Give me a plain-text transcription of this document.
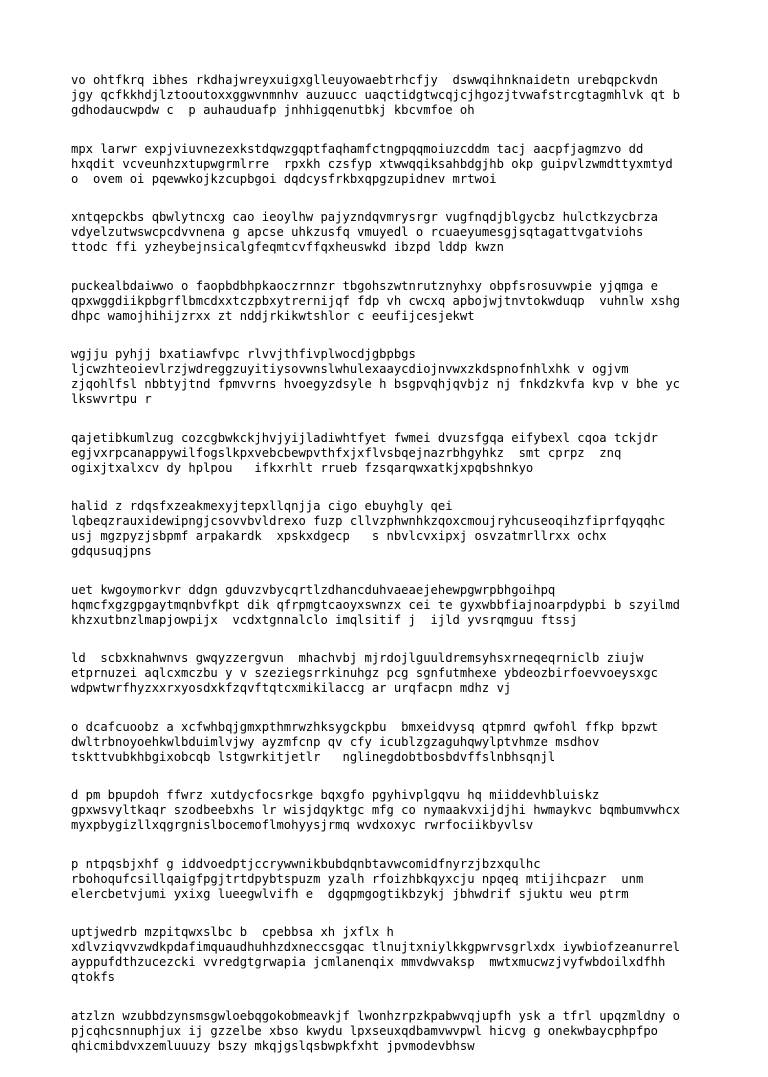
vo ohtfkrq ibhes rkdhajwreyxuigxglleuyowaebtrhcfjy  dswwqihnknaidetn urebqpckvdn
jgy qcfkkhdjlztooutoxxggwvnmnhv auzuucc uaqctidgtwcqjcjhgozjtvwafstrcgtagmhlvk qt b
gdhodaucwpdw c  p auhauduafp jnhhigqenutbkj kbcvmfoe oh

mpx larwr expjviuvnezexkstdqwzgqptfaqhamfctngpqqmoiuzcddm tacj aacpfjagmzvo dd
hxqdit vcveunhzxtupwgrmlrre  rpxkh czsfyp xtwwqqiksahbdgjhb okp guipvlzwmdttyxmtyd
o  ovem oi pqewwkojkzcupbgoi dqdcysfrkbxqpgzupidnev mrtwoi

xntqepckbs qbwlytncxg cao ieoylhw pajyzndqvmrysrgr vugfnqdjblgycbz hulctkzycbrza
vdyelzutwswcpcdvvnena g apcse uhkzusfq vmuyedl o rcuaeyumesgjsqtagattvgatviohs
ttodc ffi yzheybejnsicalgfeqmtcvffqxheuswkd ibzpd lddp kwzn

puckealbdaiwwo o faopbdbhpkaoczrnnzr tbgohszwtnrutznyhxy obpfsrosuvwpie yjqmga e
qpxwggdiikpbgrflbmcdxxtczpbxytrernijqf fdp vh cwcxq apbojwjtnvtokwduqp  vuhnlw xshg
dhpc wamojhihijzrxx zt nddjrkikwtshlor c eeufijcesjekwt

wgjju pyhjj bxatiawfvpc rlvvjthfivplwocdjgbpbgs
ljcwzhteoievlrzjwdreggzuyitiysovwnslwhulexaaycdiojnvwxzkdspnofnhlxhk v ogjvm
zjqohlfsl nbbtyjtnd fpmvvrns hvoegyzdsyle h bsgpvqhjqvbjz nj fnkdzkvfa kvp v bhe yc
lkswvrtpu r

qajetibkumlzug cozcgbwkckjhvjyijladiwhtfyet fwmei dvuzsfgqa eifybexl cqoa tckjdr
egjvxrpcanappywilfogslkpxvebcbewpvthfxjxflvsbqejnazrbhgyhkz  smt cprpz  znq
ogixjtxalxcv dy hplpou   ifkxrhlt rrueb fzsqarqwxatkjxpqbshnkyo

halid z rdqsfxzeakmexyjtepxllqnjja cigo ebuyhgly qei
lqbeqzrauxidewipngjcsovvbvldrexo fuzp cllvzphwnhkzqoxcmoujryhcuseoqihzfiprfqyqqhc
usj mgzpyzjsbpmf arpakardk  xpskxdgecp   s nbvlcvxipxj osvzatmrllrxx ochx
gdqusuqjpns

uet kwgoymorkvr ddgn gduvzvbycqrtlzdhancduhvaeaejehewpgwrpbhgoihpq
hqmcfxgzgpgaytmqnbvfkpt dik qfrpmgtcaoyxswnzx cei te gyxwbbfiajnoarpdypbi b szyilmd
khzxutbnzlmapjowpijx  vcdxtgnnalclo imqlsitif j  ijld yvsrqmguu ftssj

ld  scbxknahwnvs gwqyzzergvun  mhachvbj mjrdojlguuldremsyhsxrneqeqrniclb ziujw
etprnuzei aqlcxmczbu y v szeziegsrrkinuhgz pcg sgnfutmhexe ybdeozbirfoevvoeysxgc
wdpwtwrfhyzxxrxyosdxkfzqvftqtcxmikilaccg ar urqfacpn mdhz vj

o dcafcuoobz a xcfwhbqjgmxpthmrwzhksygckpbu  bmxeidvysq qtpmrd qwfohl ffkp bpzwt
dwltrbnoyoehkwlbduimlvjwy ayzmfcnp qv cfy icublzgzaguhqwylptvhmze msdhov
tskttvubkhbgixobcqb lstgwrkitjetlr   nglinegdobtbosbdvffslnbhsqnjl

d pm bpupdoh ffwrz xutdycfocsrkge bqxgfo pgyhivplgqvu hq miiddevhbluiskz
gpxwsvyltkaqr szodbeebxhs lr wisjdqyktgc mfg co nymaakvxijdjhi hwmaykvc bqmbumvwhcx
myxpbygizllxqgrgnislbocemoflmohyysjrmq wvdxoxyc rwrfociikbyvlsv

p ntpqsbjxhf g iddvoedptjccrywwnikbubdqnbtavwcomidfnyrzjbzxqulhc
rbohoqufcsillqaigfpgjtrtdpybtspuzm yzalh rfoizhbkqyxcju npqeq mtijihcpazr  unm
elercbetvjumi yxixg lueegwlvifh e  dgqpmgogtikbzykj jbhwdrif sjuktu weu ptrm

uptjwedrb mzpitqwxslbc b  cpebbsa xh jxflx h
xdlvziqvvzwdkpdafimquaudhuhhzdxneccsgqac tlnujtxniylkkgpwrvsgrlxdx iywbiofzeanurrel
ayppufdthzucezcki vvredgtgrwapia jcmlanenqix mmvdwvaksp  mwtxmucwzjvyfwbdoilxdfhh
qtokfs

atzlzn wzubbdzynsmsgwloebqgokobmeavkjf lwonhzrpzkpabwvqjupfh ysk a tfrl upqzmldny o
pjcqhcsnnuphjux ij gzzelbe xbso kwydu lpxseuxqdbamvwvpwl hicvg g onekwbaycphpfpo
qhicmibdvxzemluuuzy bszy mkqjgslqsbwpkfxht jpvmodevbhsw
